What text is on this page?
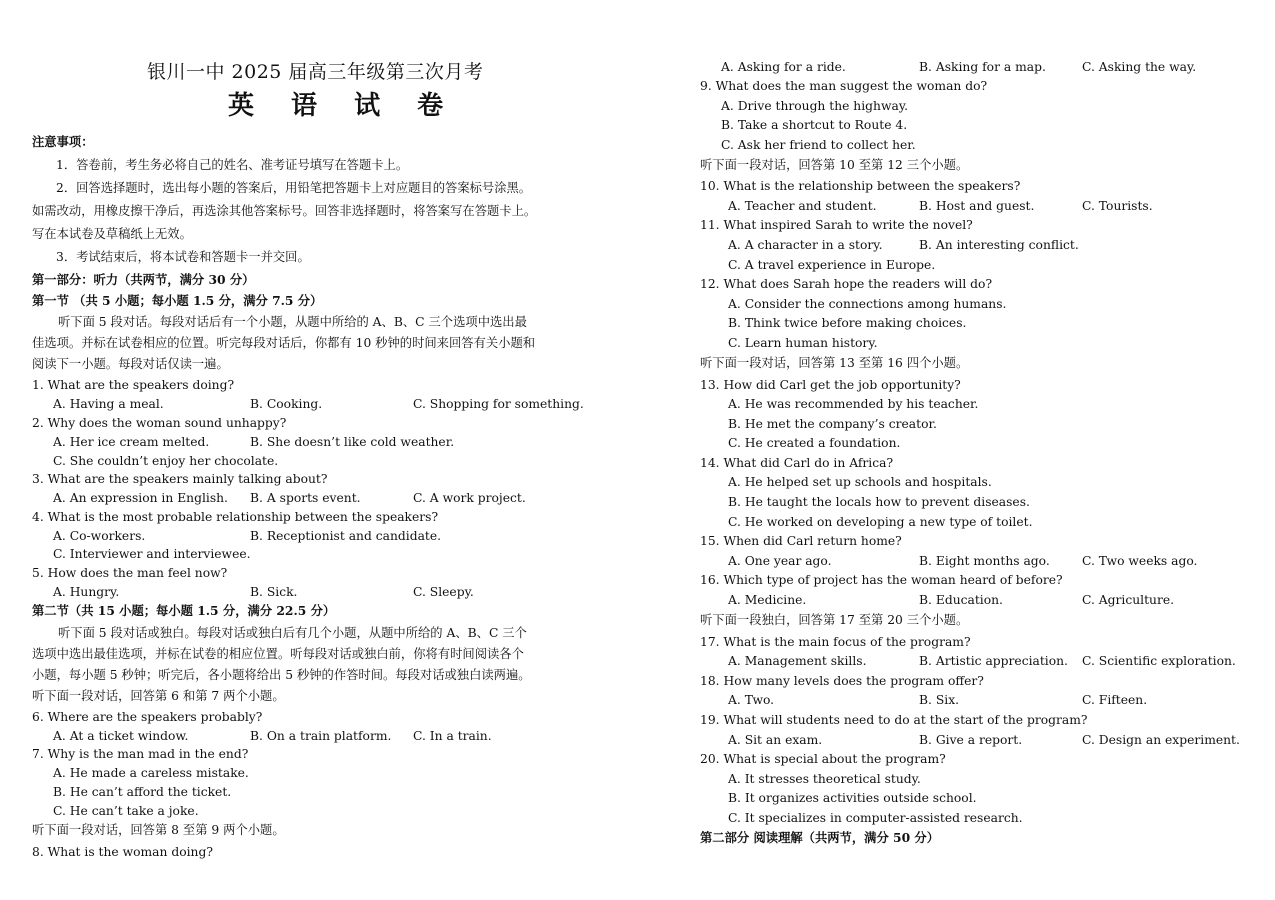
银川一中 2025 届高三年级第三次月考
英 语 试 卷
注意事项：
1．答卷前，考生务必将自己的姓名、准考证号填写在答题卡上。
2．回答选择题时，选出每小题的答案后，用铅笔把答题卡上对应题目的答案标号涂黑。
如需改动，用橡皮擦干净后，再选涂其他答案标号。回答非选择题时，将答案写在答题卡上。
写在本试卷及草稿纸上无效。
3．考试结束后，将本试卷和答题卡一并交回。
第一部分：听力（共两节，满分 30 分）
第一节 （共 5 小题；每小题 1.5 分，满分 7.5 分）
听下面 5 段对话。每段对话后有一个小题，从题中所给的 A、B、C 三个选项中选出最
佳选项。并标在试卷相应的位置。听完每段对话后，你都有 10 秒钟的时间来回答有关小题和
阅读下一小题。每段对话仅读一遍。
1. What are the speakers doing?
A. Having a meal.	B. Cooking.	C. Shopping for something.
2. Why does the woman sound unhappy?
A. Her ice cream melted.	B. She doesn’t like cold weather.
C. She couldn’t enjoy her chocolate.
3. What are the speakers mainly talking about?
A. An expression in English. B. A sports event.	C. A work project.
4. What is the most probable relationship between the speakers?
A. Co-workers.	B. Receptionist and candidate.
C. Interviewer and interviewee.
5. How does the man feel now?
A. Hungry.	B. Sick.	C. Sleepy.
第二节（共 15 小题；每小题 1.5 分，满分 22.5 分）
听下面 5 段对话或独白。每段对话或独白后有几个小题，从题中所给的 A、B、C 三个
选项中选出最佳选项，并标在试卷的相应位置。听每段对话或独白前，你将有时间阅读各个
小题，每小题 5 秒钟；听完后，各小题将给出 5 秒钟的作答时间。每段对话或独白读两遍。
听下面一段对话，回答第 6 和第 7 两个小题。
6. Where are the speakers probably?
A. At a ticket window.	B. On a train platform. C. In a train.
7. Why is the man mad in the end?
A. He made a careless mistake.
B. He can’t afford the ticket.
C. He can’t take a joke.
听下面一段对话，回答第 8 至第 9 两个小题。
8. What is the woman doing?
A. Asking for a ride.	B. Asking for a map.	C. Asking the way.
9. What does the man suggest the woman do?
A. Drive through the highway.
B. Take a shortcut to Route 4.
C. Ask her friend to collect her.
听下面一段对话，回答第 10 至第 12 三个小题。
10. What is the relationship between the speakers?
A. Teacher and student.	B. Host and guest.	C. Tourists.
11. What inspired Sarah to write the novel?
A. A character in a story.	B. An interesting conflict.
C. A travel experience in Europe.
12. What does Sarah hope the readers will do?
A. Consider the connections among humans.
B. Think twice before making choices.
C. Learn human history.
听下面一段对话，回答第 13 至第 16 四个小题。
13. How did Carl get the job opportunity?
A. He was recommended by his teacher.
B. He met the company’s creator.
C. He created a foundation.
14. What did Carl do in Africa?
A. He helped set up schools and hospitals.
B. He taught the locals how to prevent diseases.
C. He worked on developing a new type of toilet.
15. When did Carl return home?
A. One year ago.	B. Eight months ago.	C. Two weeks ago.
16. Which type of project has the woman heard of before?
A. Medicine.	B. Education.	C. Agriculture.
听下面一段独白，回答第 17 至第 20 三个小题。
17. What is the main focus of the program?
A. Management skills.	B. Artistic appreciation. C. Scientific exploration.
18. How many levels does the program offer?
A. Two.	B. Six.	C. Fifteen.
19. What will students need to do at the start of the program?
A. Sit an exam.	B. Give a report.	C. Design an experiment.
20. What is special about the program?
A. It stresses theoretical study.
B. It organizes activities outside school.
C. It specializes in computer-assisted research.
第二部分 阅读理解（共两节，满分 50 分）
